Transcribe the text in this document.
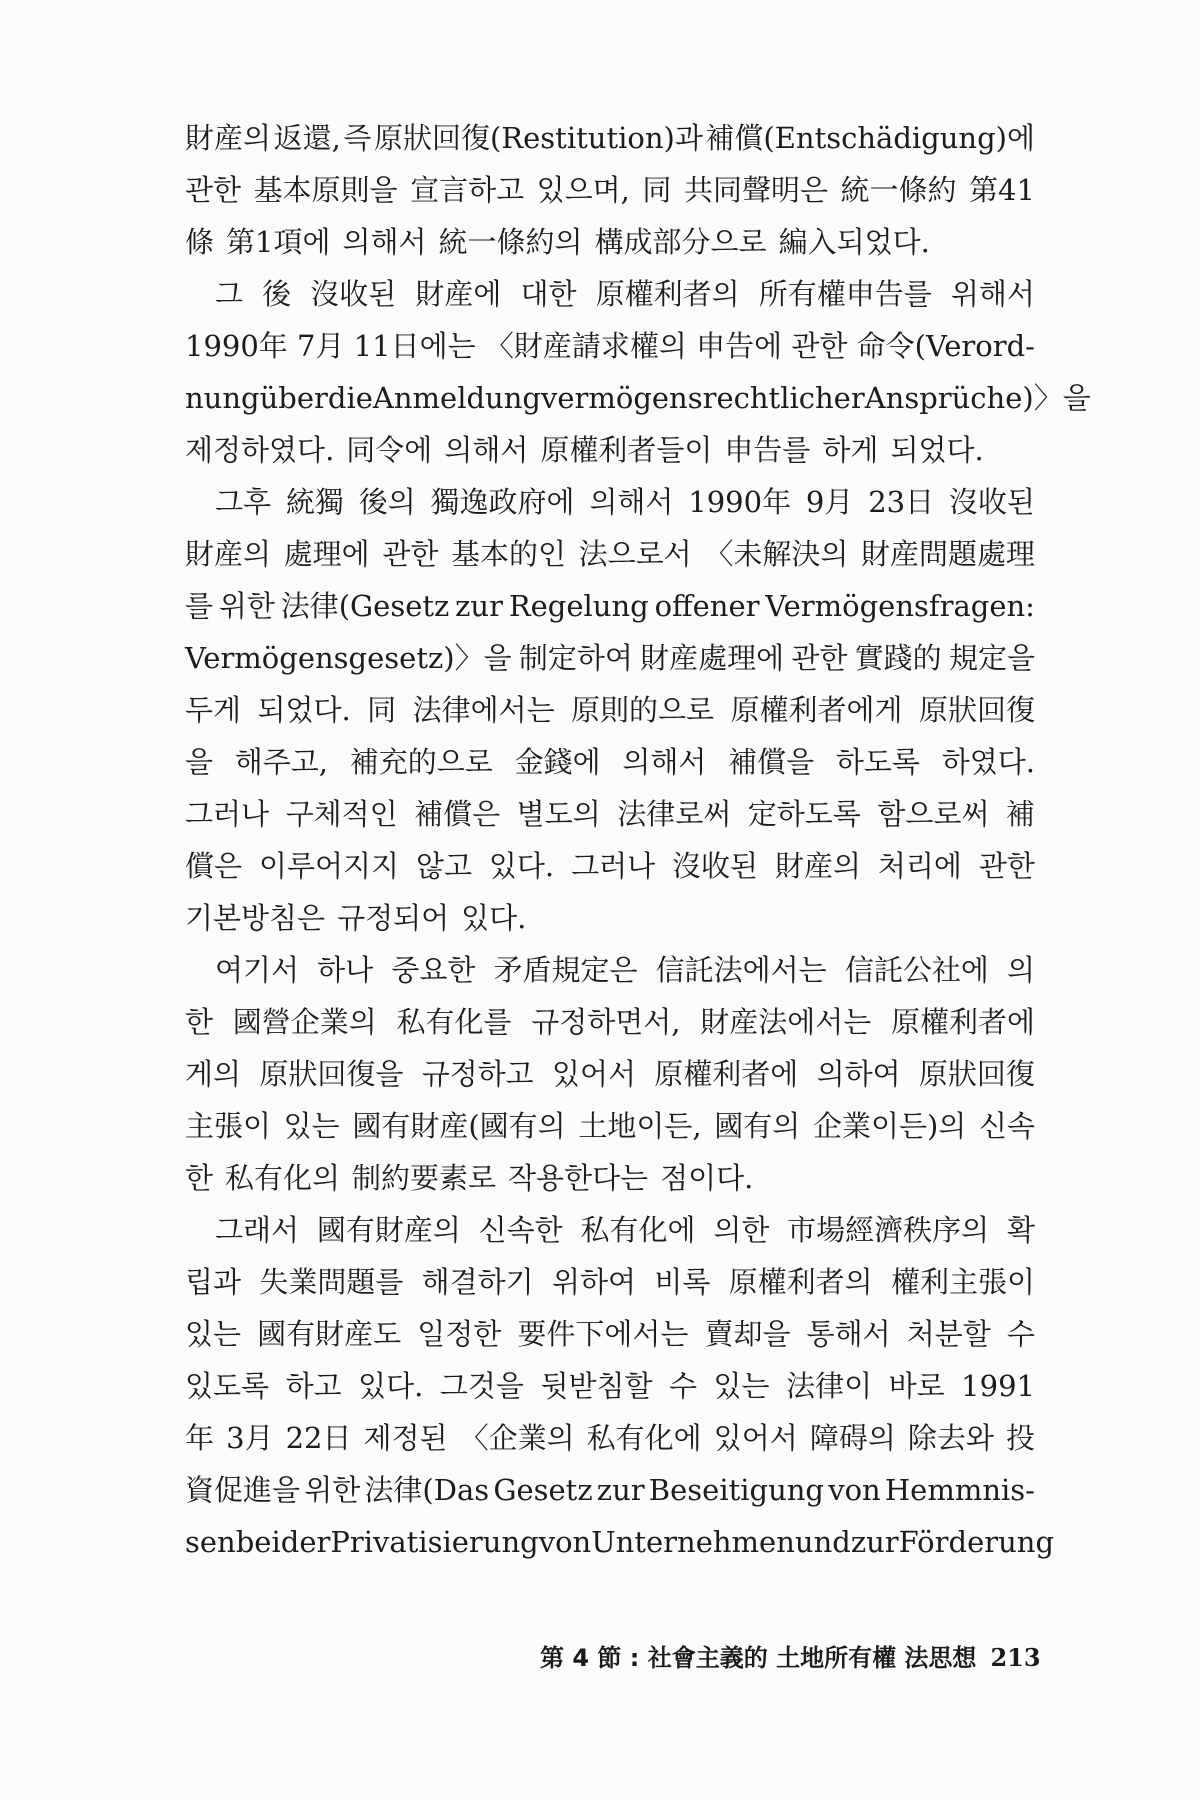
財産의 返還, 즉 原狀回復(Restitution)과 補償(Entschädigung)에
관한 基本原則을 宣言하고 있으며, 同 共同聲明은 統一條約 第41
條 第1項에 의해서 統一條約의 構成部分으로 編入되었다.
그 後 沒收된 財産에 대한 原權利者의 所有權申告를 위해서
1990年 7月 11日에는 〈財産請求權의 申告에 관한 命令(Verord-
nung über die Anmeldung vermögensrechtlicher Ansprüche)〉을
제정하였다. 同令에 의해서 原權利者들이 申告를 하게 되었다.
그후 統獨 後의 獨逸政府에 의해서 1990年 9月 23日 沒收된
財産의 處理에 관한 基本的인 法으로서 〈未解決의 財産問題處理
를 위한 法律(Gesetz zur Regelung offener Vermögensfragen:
Vermögensgesetz)〉을 制定하여 財産處理에 관한 實踐的 規定을
두게 되었다. 同 法律에서는 原則的으로 原權利者에게 原狀回復
을 해주고, 補充的으로 金錢에 의해서 補償을 하도록 하였다.
그러나 구체적인 補償은 별도의 法律로써 定하도록 함으로써 補
償은 이루어지지 않고 있다. 그러나 沒收된 財産의 처리에 관한
기본방침은 규정되어 있다.
여기서 하나 중요한 矛盾規定은 信託法에서는 信託公社에 의
한 國營企業의 私有化를 규정하면서, 財産法에서는 原權利者에
게의 原狀回復을 규정하고 있어서 原權利者에 의하여 原狀回復
主張이 있는 國有財産(國有의 土地이든, 國有의 企業이든)의 신속
한 私有化의 制約要素로 작용한다는 점이다.
그래서 國有財産의 신속한 私有化에 의한 市場經濟秩序의 확
립과 失業問題를 해결하기 위하여 비록 原權利者의 權利主張이
있는 國有財産도 일정한 要件下에서는 賣却을 통해서 처분할 수
있도록 하고 있다. 그것을 뒷받침할 수 있는 法律이 바로 1991
年 3月 22日 제정된 〈企業의 私有化에 있어서 障碍의 除去와 投
資促進을 위한 法律(Das Gesetz zur Beseitigung von Hemmnis-
sen bei der Privatisierung von Unternehmen und zur Förderung
第 4 節 : 社會主義的 土地所有權 法思想 213
